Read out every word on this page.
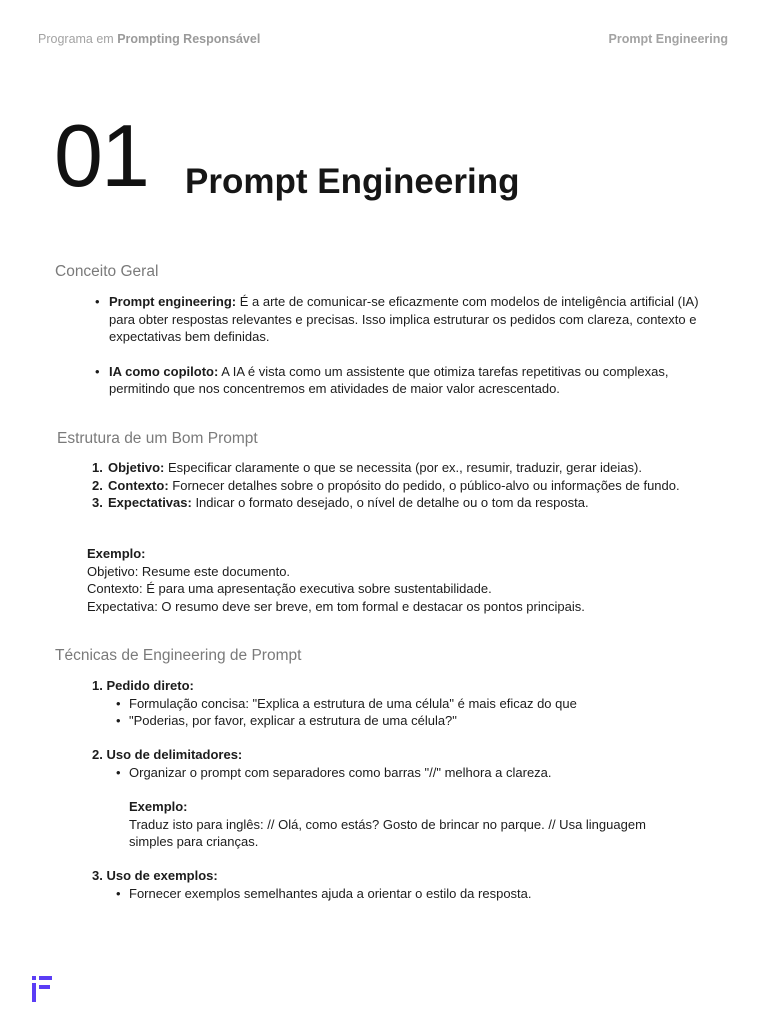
Programa em Prompting Responsável	Prompt Engineering
01 Prompt Engineering
Conceito Geral
• Prompt engineering: É a arte de comunicar-se eficazmente com modelos de inteligência artificial (IA) para obter respostas relevantes e precisas. Isso implica estruturar os pedidos com clareza, contexto e expectativas bem definidas.
• IA como copiloto: A IA é vista como um assistente que otimiza tarefas repetitivas ou complexas, permitindo que nos concentremos em atividades de maior valor acrescentado.
Estrutura de um Bom Prompt
1. Objetivo: Especificar claramente o que se necessita (por ex., resumir, traduzir, gerar ideias).
2. Contexto: Fornecer detalhes sobre o propósito do pedido, o público-alvo ou informações de fundo.
3. Expectativas: Indicar o formato desejado, o nível de detalhe ou o tom da resposta.
Exemplo:
Objetivo: Resume este documento.
Contexto: É para uma apresentação executiva sobre sustentabilidade.
Expectativa: O resumo deve ser breve, em tom formal e destacar os pontos principais.
Técnicas de Engineering de Prompt
1. Pedido direto:
• Formulação concisa: "Explica a estrutura de uma célula" é mais eficaz do que
• "Poderias, por favor, explicar a estrutura de uma célula?"
2. Uso de delimitadores:
• Organizar o prompt com separadores como barras "//" melhora a clareza.
Exemplo:
Traduz isto para inglês: // Olá, como estás? Gosto de brincar no parque. // Usa linguagem
simples para crianças.
3. Uso de exemplos:
• Fornecer exemplos semelhantes ajuda a orientar o estilo da resposta.
